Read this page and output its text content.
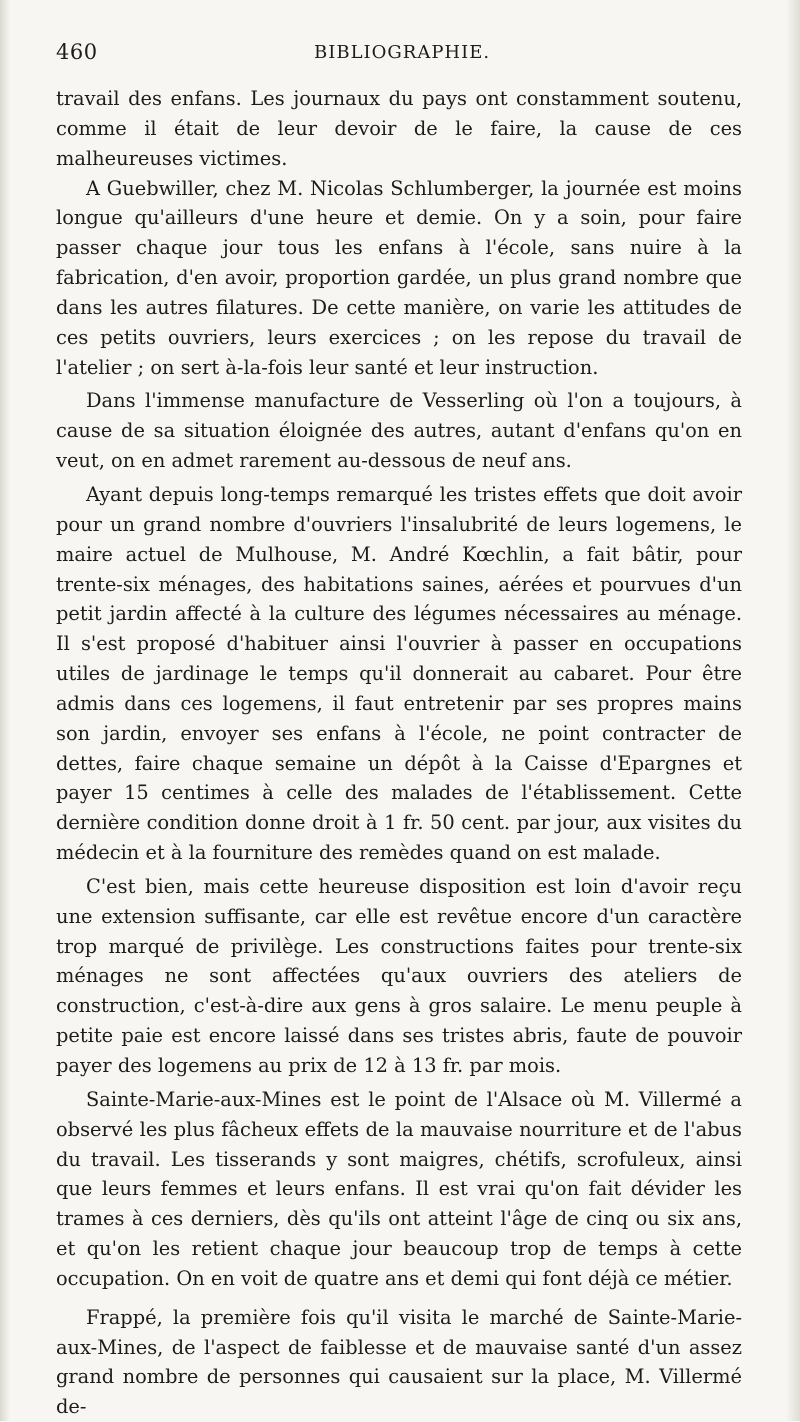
460	BIBLIOGRAPHIE.

travail des enfans. Les journaux du pays ont constamment soutenu, comme il était de leur devoir de le faire, la cause de ces malheureuses victimes.

A Guebwiller, chez M. Nicolas Schlumberger, la journée est moins longue qu'ailleurs d'une heure et demie. On y a soin, pour faire passer chaque jour tous les enfans à l'école, sans nuire à la fabrication, d'en avoir, proportion gardée, un plus grand nombre que dans les autres filatures. De cette manière, on varie les attitudes de ces petits ouvriers, leurs exercices ; on les repose du travail de l'atelier ; on sert à-la-fois leur santé et leur instruction.

Dans l'immense manufacture de Vesserling où l'on a toujours, à cause de sa situation éloignée des autres, autant d'enfans qu'on en veut, on en admet rarement au-dessous de neuf ans.

Ayant depuis long-temps remarqué les tristes effets que doit avoir pour un grand nombre d'ouvriers l'insalubrité de leurs logemens, le maire actuel de Mulhouse, M. André Kœchlin, a fait bâtir, pour trente-six ménages, des habitations saines, aérées et pourvues d'un petit jardin affecté à la culture des légumes nécessaires au ménage. Il s'est proposé d'habituer ainsi l'ouvrier à passer en occupations utiles de jardinage le temps qu'il donnerait au cabaret. Pour être admis dans ces logemens, il faut entretenir par ses propres mains son jardin, envoyer ses enfans à l'école, ne point contracter de dettes, faire chaque semaine un dépôt à la Caisse d'Epargnes et payer 15 centimes à celle des malades de l'établissement. Cette dernière condition donne droit à 1 fr. 50 cent. par jour, aux visites du médecin et à la fourniture des remèdes quand on est malade.

C'est bien, mais cette heureuse disposition est loin d'avoir reçu une extension suffisante, car elle est revêtue encore d'un caractère trop marqué de privilège. Les constructions faites pour trente-six ménages ne sont affectées qu'aux ouvriers des ateliers de construction, c'est-à-dire aux gens à gros salaire. Le menu peuple à petite paie est encore laissé dans ses tristes abris, faute de pouvoir payer des logemens au prix de 12 à 13 fr. par mois.

Sainte-Marie-aux-Mines est le point de l'Alsace où M. Villermé a observé les plus fâcheux effets de la mauvaise nourriture et de l'abus du travail. Les tisserands y sont maigres, chétifs, scrofuleux, ainsi que leurs femmes et leurs enfans. Il est vrai qu'on fait dévider les trames à ces derniers, dès qu'ils ont atteint l'âge de cinq ou six ans, et qu'on les retient chaque jour beaucoup trop de temps à cette occupation. On en voit de quatre ans et demi qui font déjà ce métier.

Frappé, la première fois qu'il visita le marché de Sainte-Marie-aux-Mines, de l'aspect de faiblesse et de mauvaise santé d'un assez grand nombre de personnes qui causaient sur la place, M. Villermé de-
